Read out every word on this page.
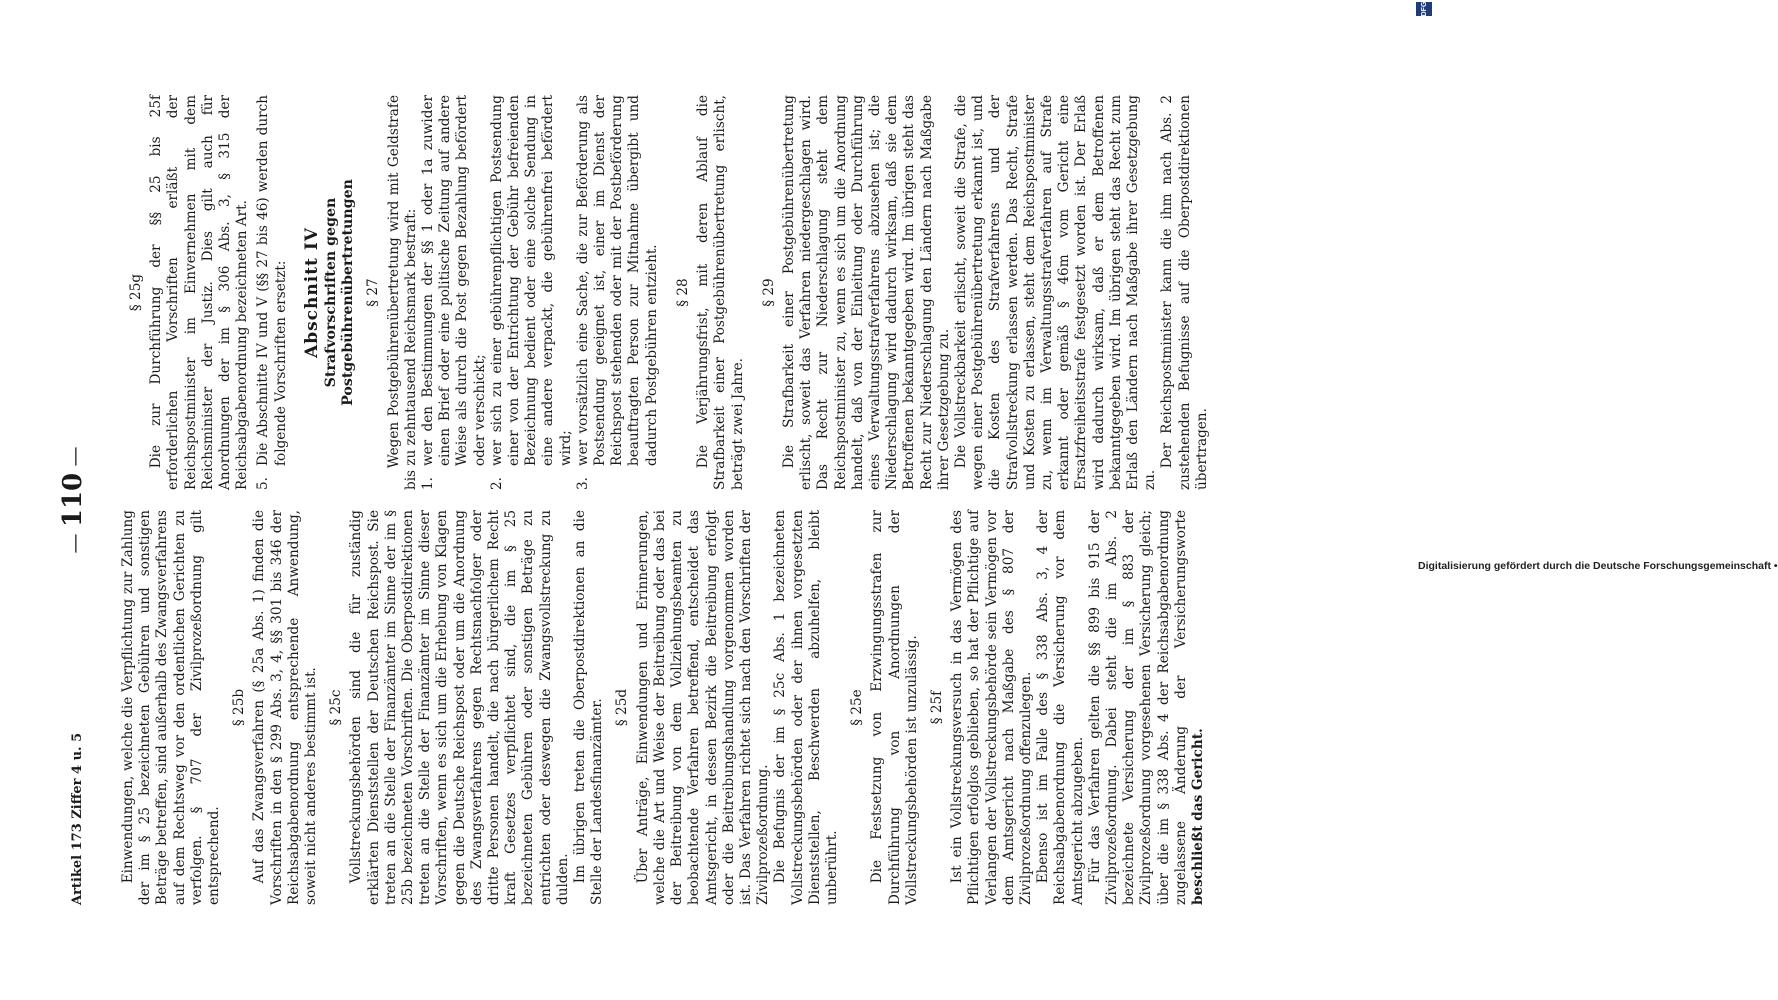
Artikel 173 Ziffer 4 u. 5
— 110 —

Einwendungen, welche die Verpflichtung zur Zahlung der im § 25 bezeichneten Gebühren und sonstigen Beträge betreffen, sind außerhalb des Zwangsverfahrens auf dem Rechtsweg vor den ordentlichen Gerichten zu verfolgen. § 707 der Zivilprozeßordnung gilt entsprechend.

§ 25b Auf das Zwangsverfahren (§ 25a Abs. 1) finden die Vorschriften in den § 299 Abs. 3, 4, §§ 301 bis 346 der Reichsabgabenordnung entsprechende Anwendung, soweit nicht anderes bestimmt ist. § 25c Vollstreckungsbehörden sind die für zuständig erklärten Dienststellen der Deutschen Reichspost. Sie treten an die Stelle der Finanzämter im Sinne der im § 25b bezeichneten Vorschriften. Die Oberpostdirektionen treten an die Stelle der Finanzämter im Sinne dieser Vorschriften, wenn es sich um die Erhebung von Klagen gegen die Deutsche Reichspost oder um die Anordnung des Zwangsverfahrens gegen Rechtsnachfolger oder dritte Personen handelt, die nach bürgerlichem Recht kraft Gesetzes verpflichtet sind, die im § 25 bezeichneten Gebühren oder sonstigen Beträge zu entrichten oder deswegen die Zwangsvollstreckung zu dulden. Im übrigen treten die Oberpostdirektionen an die Stelle der Landesfinanzämter. § 25d Über Anträge, Einwendungen und Erinnerungen, welche die Art und Weise der Beitreibung oder das bei der Beitreibung von dem Vollziehungsbeamten zu beobachtende Verfahren betreffend, entscheidet das Amtsgericht, in dessen Bezirk die Beitreibung erfolgt oder die Beitreibungshandlung vorgenommen worden ist. Das Verfahren richtet sich nach den Vorschriften der Zivilprozeßordnung. Die Befugnis der im § 25c Abs. 1 bezeichneten Vollstreckungsbehörden oder der ihnen vorgesetzten Dienststellen, Beschwerden abzuhelfen, bleibt unberührt.

§ 25e Die Festsetzung von Erzwingungsstrafen zur Durchführung von Anordnungen der Vollstreckungsbehörden ist unzulässig. § 25f Ist ein Vollstreckungsversuch in das Vermögen des Pflichtigen erfolglos geblieben, so hat der Pflichtige auf Verlangen der Vollstreckungsbehörde sein Vermögen vor dem Amtsgericht nach Maßgabe des § 807 der Zivilprozeßordnung offenzulegen. Ebenso ist im Falle des § 338 Abs. 3, 4 der Reichsabgabenordnung die Versicherung vor dem Amtsgericht abzugeben. Für das Verfahren gelten die §§ 899 bis 915 der Zivilprozeßordnung. Dabei steht die im Abs. 2 bezeichnete Versicherung der im § 883 der Zivilprozeßordnung vorgesehenen Versicherung gleich; über die im § 338 Abs. 4 der Reichsabgabenordnung zugelassene Änderung der Versicherungsworte beschließt das Gericht.

§ 25g Die zur Durchführung der §§ 25 bis 25f erforderlichen Vorschriften erläßt der Reichspostminister im Einvernehmen mit dem Reichsminister der Justiz. Dies gilt auch für Anordnungen der im § 306 Abs. 3, § 315 der Reichsabgabenordnung bezeichneten Art. 5.
Die Abschnitte IV und V (§§ 27 bis 46) werden durch folgende Vorschriften ersetzt: Abschnitt IV Strafvorschriften gegen Postgebührenübertretungen § 27 Wegen Postgebührenübertretung wird mit Geldstrafe bis zu zehntausend Reichsmark bestraft: 1.
wer den Bestimmungen der §§ 1 oder 1a zuwider einen Brief oder eine politische Zeitung auf andere Weise als durch die Post gegen Bezahlung befördert oder verschickt;
2.
wer sich zu einer gebührenpflichtigen Postsendung einer von der Entrichtung der Gebühr befreienden Bezeichnung bedient oder eine solche Sendung in eine andere verpackt, die gebührenfrei befördert wird;
3.
wer vorsätzlich eine Sache, die zur Beförderung als Postsendung geeignet ist, einer im Dienst der Reichspost stehenden oder mit der Postbeförderung beauftragten Person zur Mitnahme übergibt und dadurch Postgebühren entzieht. § 28 Die Verjährungsfrist, mit deren Ablauf die Strafbarkeit einer Postgebührenübertretung erlischt, beträgt zwei Jahre.

§ 29 Die Strafbarkeit einer Postgebührenübertretung erlischt, soweit das Verfahren niedergeschlagen wird. Das Recht zur Niederschlagung steht dem Reichspostminister zu, wenn es sich um die Anordnung handelt, daß von der Einleitung oder Durchführung eines Verwaltungsstrafverfahrens abzusehen ist; die Niederschlagung wird dadurch wirksam, daß sie dem Betroffenen bekanntgegeben wird. Im übrigen steht das Recht zur Niederschlagung den Ländern nach Maßgabe ihrer Gesetzgebung zu. Die Vollstreckbarkeit erlischt, soweit die Strafe, die wegen einer Postgebührenübertretung erkannt ist, und die Kosten des Strafverfahrens und der Strafvollstreckung erlassen werden. Das Recht, Strafe und Kosten zu erlassen, steht dem Reichspostminister zu, wenn im Verwaltungsstrafverfahren auf Strafe erkannt oder gemäß § 46m vom Gericht eine Ersatzfreiheitsstrafe festgesetzt worden ist. Der Erlaß wird dadurch wirksam, daß er dem Betroffenen bekanntgegeben wird. Im übrigen steht das Recht zum Erlaß den Ländern nach Maßgabe ihrer Gesetzgebung zu.

Der Reichspostminister kann die ihm nach Abs. 2 zustehenden Befugnisse auf die Oberpostdirektionen übertragen.

Digitalisierung gefördert durch die Deutsche Forschungsgemeinschaft •
DFG
